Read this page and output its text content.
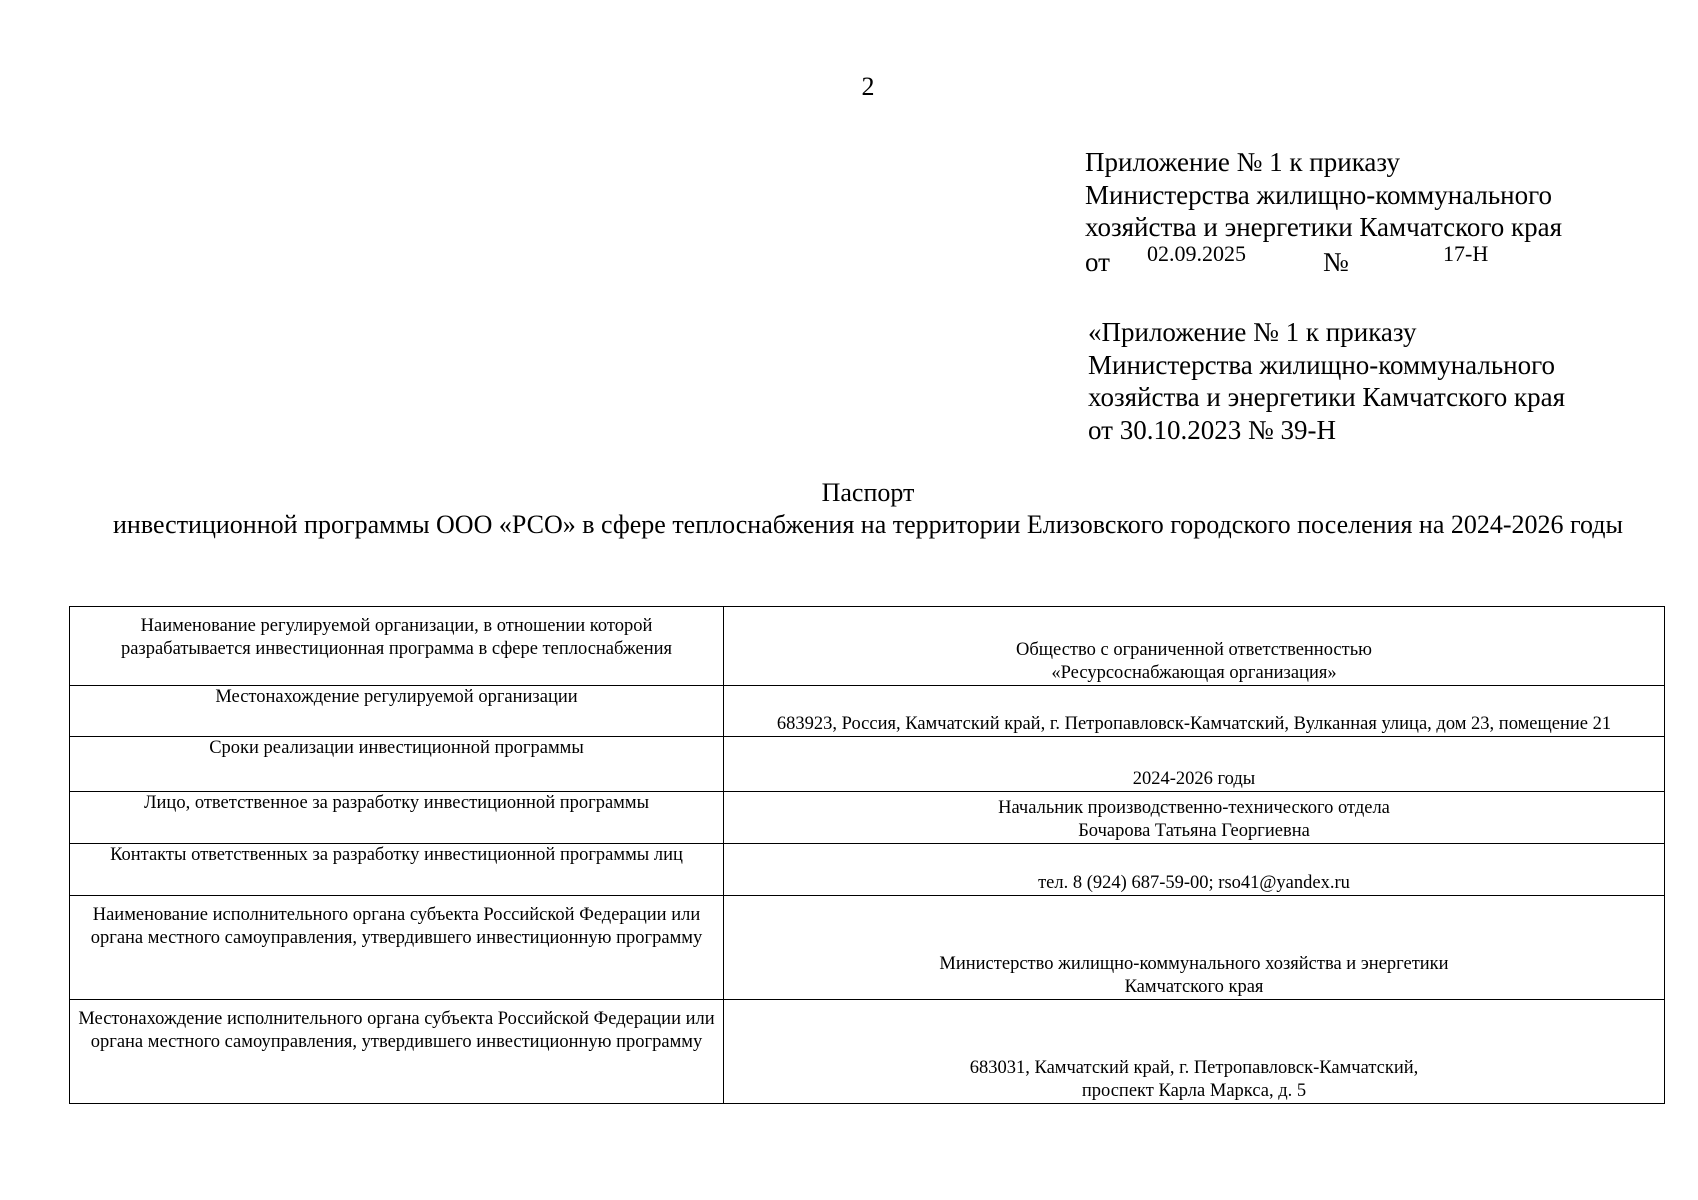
2
Приложение № 1 к приказу
Министерства жилищно-коммунального
хозяйства и энергетики Камчатского края
от 02.09.2025	№	17-Н
«Приложение № 1 к приказу
Министерства жилищно-коммунального
хозяйства и энергетики Камчатского края
от 30.10.2023 № 39-Н
Паспорт
инвестиционной программы ООО «РСО» в сфере теплоснабжения на территории Елизовского городского поселения на 2024-2026 годы
Наименование регулируемой организации, в отношении которой разрабатывается инвестиционная программа в сфере теплоснабжения	Общество с ограниченной ответственностью
«Ресурсоснабжающая организация»

Местонахождение регулируемой организации	683923, Россия, Камчатский край, г. Петропавловск-Камчатский, Вулканная улица, дом 23, помещение 21

Сроки реализации инвестиционной программы	2024-2026 годы

Лицо, ответственное за разработку инвестиционной программы	Начальник производственно-технического отдела
Бочарова Татьяна Георгиевна

Контакты ответственных за разработку инвестиционной программы лиц	тел. 8 (924) 687-59-00; rso41@yandex.ru

Наименование исполнительного органа субъекта Российской Федерации или органа местного самоуправления, утвердившего инвестиционную программу	Министерство жилищно-коммунального хозяйства и энергетики
Камчатского края

Местонахождение исполнительного органа субъекта Российской Федерации или органа местного самоуправления, утвердившего инвестиционную программу	683031, Камчатский край, г. Петропавловск-Камчатский,
проспект Карла Маркса, д. 5
